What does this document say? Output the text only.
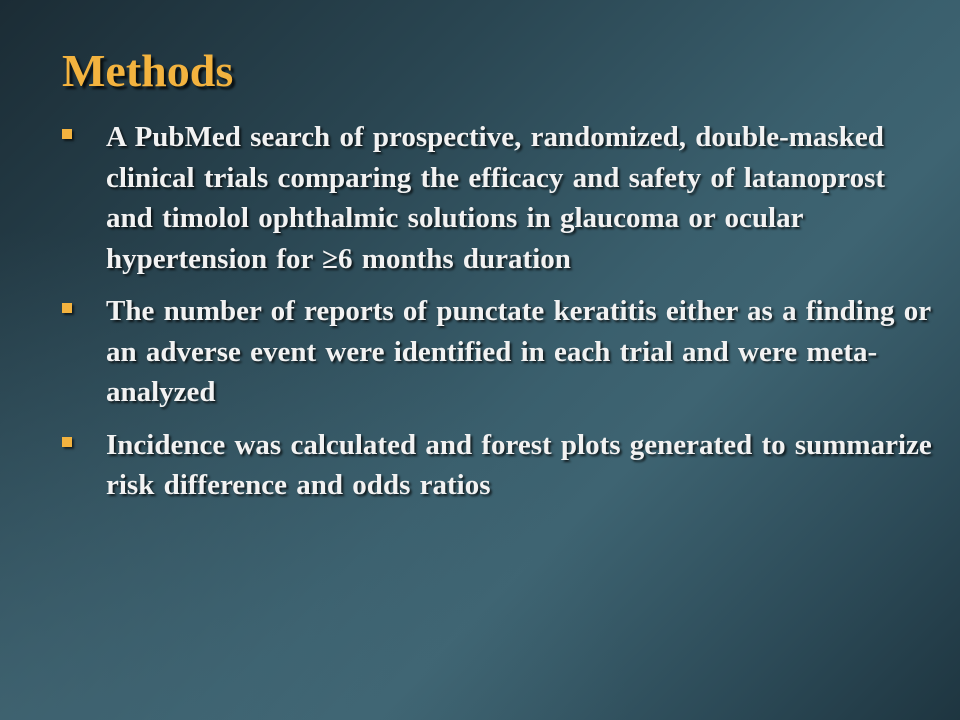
Methods
A PubMed search of prospective, randomized, double-masked clinical trials comparing the efficacy and safety of latanoprost and timolol ophthalmic solutions in glaucoma or ocular hypertension for ≥6 months duration
The number of reports of punctate keratitis either as a finding or an adverse event were identified in each trial and were meta-analyzed
Incidence was calculated and forest plots generated to summarize risk difference and odds ratios
